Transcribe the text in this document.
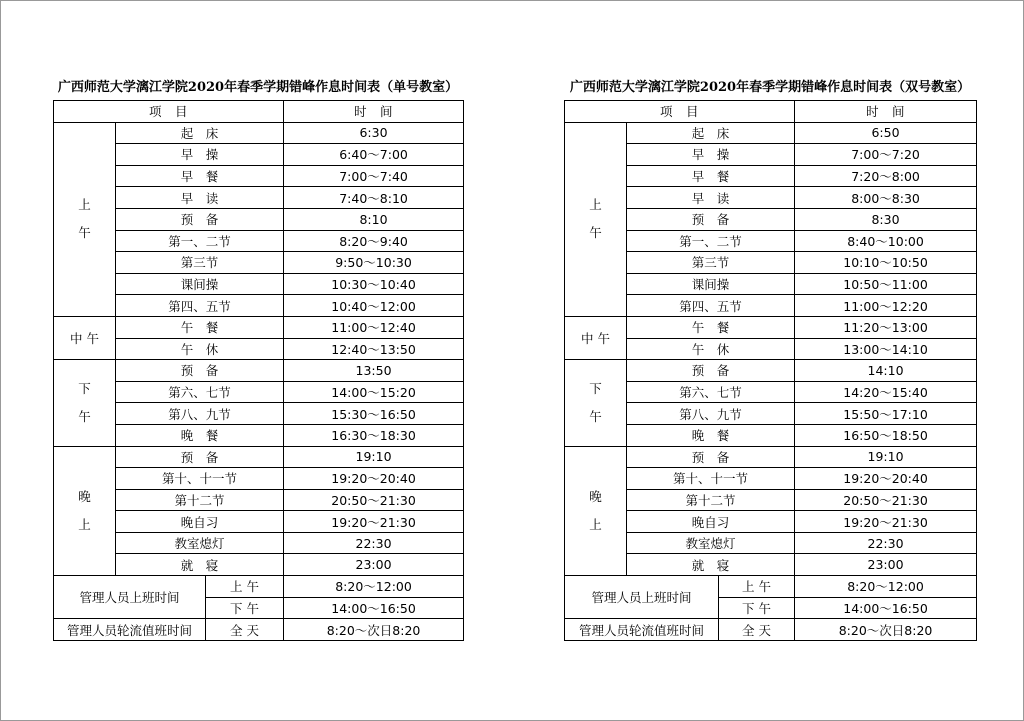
广西师范大学漓江学院2020年春季学期错峰作息时间表（单号教室）
项　目			时　间

上
午	起　床		6:30
	早　操		6:40～7:00
	早　餐		7:00～7:40
	早　读		7:40～8:10
	预　备		8:10
	第一、二节		8:20～9:40
	第三节		9:50～10:30
	课间操		10:30～10:40
	第四、五节		10:40～12:00
中 午	午　餐		11:00～12:40
	午　休		12:40～13:50

下
午	预　备		13:50
	第六、七节		14:00～15:20
	第八、九节		15:30～16:50
	晚　餐		16:30～18:30

晚
上	预　备		19:10
	第十、十一节		19:20～20:40
	第十二节		20:50～21:30
	晚自习		19:20～21:30
	教室熄灯		22:30
	就　寝		23:00
管理人员上班时间		上 午	8:20～12:00
		下 午	14:00～16:50
管理人员轮流值班时间		全 天	8:20～次日8:20
广西师范大学漓江学院2020年春季学期错峰作息时间表（双号教室）
项　目			时　间

上
午	起　床		6:50
	早　操		7:00～7:20
	早　餐		7:20～8:00
	早　读		8:00～8:30
	预　备		8:30
	第一、二节		8:40～10:00
	第三节		10:10～10:50
	课间操		10:50～11:00
	第四、五节		11:00～12:20
中 午	午　餐		11:20～13:00
	午　休		13:00～14:10

下
午	预　备		14:10
	第六、七节		14:20～15:40
	第八、九节		15:50～17:10
	晚　餐		16:50～18:50

晚
上	预　备		19:10
	第十、十一节		19:20～20:40
	第十二节		20:50～21:30
	晚自习		19:20～21:30
	教室熄灯		22:30
	就　寝		23:00
管理人员上班时间		上 午	8:20～12:00
		下 午	14:00～16:50
管理人员轮流值班时间		全 天	8:20～次日8:20
